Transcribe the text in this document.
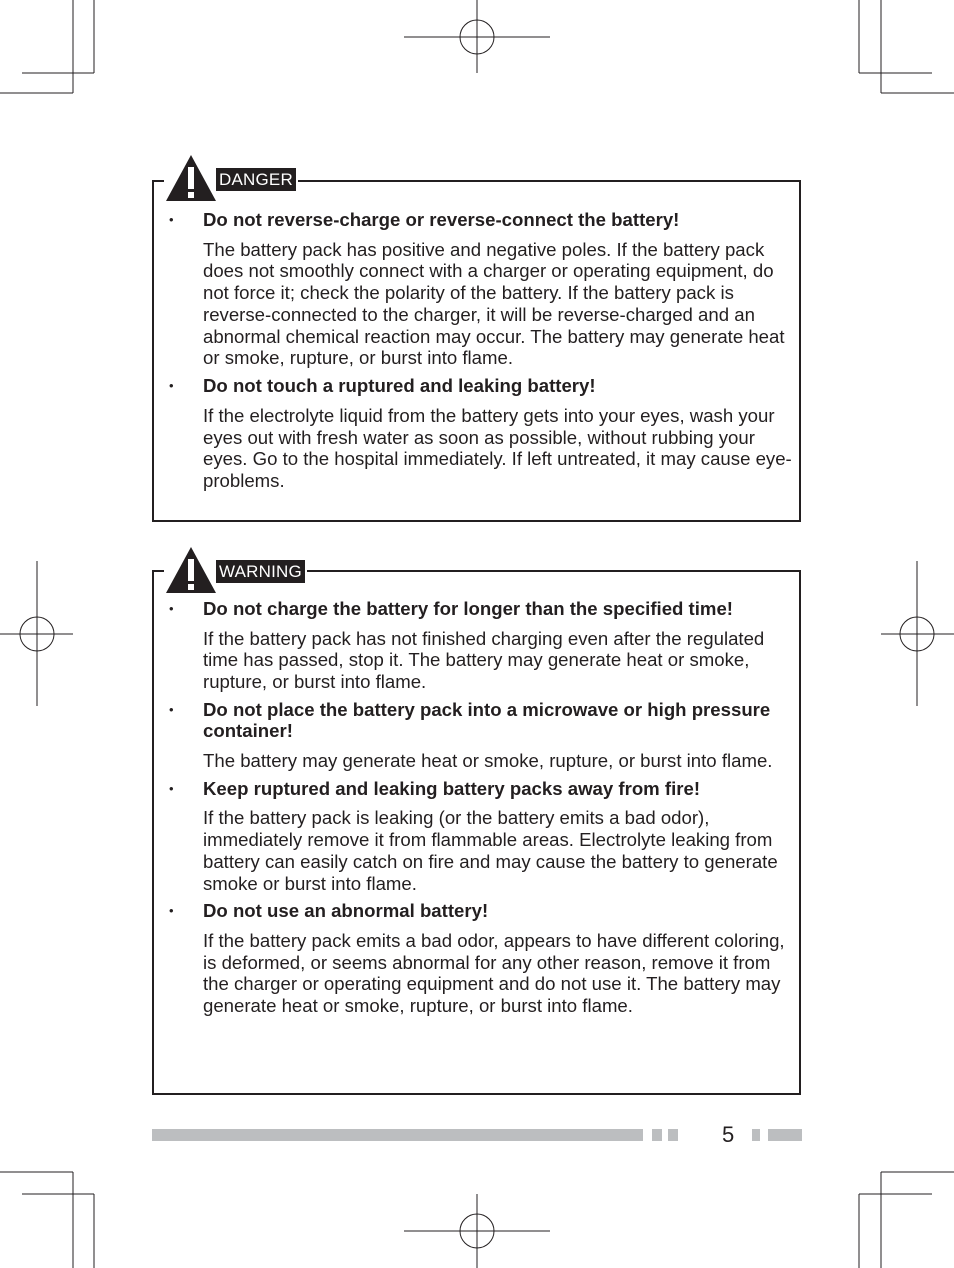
DANGER
• Do not reverse-charge or reverse-connect the battery!
The battery pack has positive and negative poles. If the battery pack does not smoothly connect with a charger or operating equipment, do not force it; check the polarity of the battery. If the battery pack is reverse-connected to the charger, it will be reverse-charged and an abnormal chemical reaction may occur. The battery may generate heat or smoke, rupture, or burst into flame.
• Do not touch a ruptured and leaking battery!
If the electrolyte liquid from the battery gets into your eyes, wash your eyes out with fresh water as soon as possible, without rubbing your eyes. Go to the hospital immediately. If left untreated, it may cause eye-problems.
WARNING
• Do not charge the battery for longer than the specified time!
If the battery pack has not finished charging even after the regulated time has passed, stop it. The battery may generate heat or smoke, rupture, or burst into flame.
• Do not place the battery pack into a microwave or high pressure container!
The battery may generate heat or smoke, rupture, or burst into flame.
• Keep ruptured and leaking battery packs away from fire!
If the battery pack is leaking (or the battery emits a bad odor), immediately remove it from flammable areas. Electrolyte leaking from battery can easily catch on fire and may cause the battery to generate smoke or burst into flame.
• Do not use an abnormal battery!
If the battery pack emits a bad odor, appears to have different coloring, is deformed, or seems abnormal for any other reason, remove it from the charger or operating equipment and do not use it. The battery may generate heat or smoke, rupture, or burst into flame.
5
